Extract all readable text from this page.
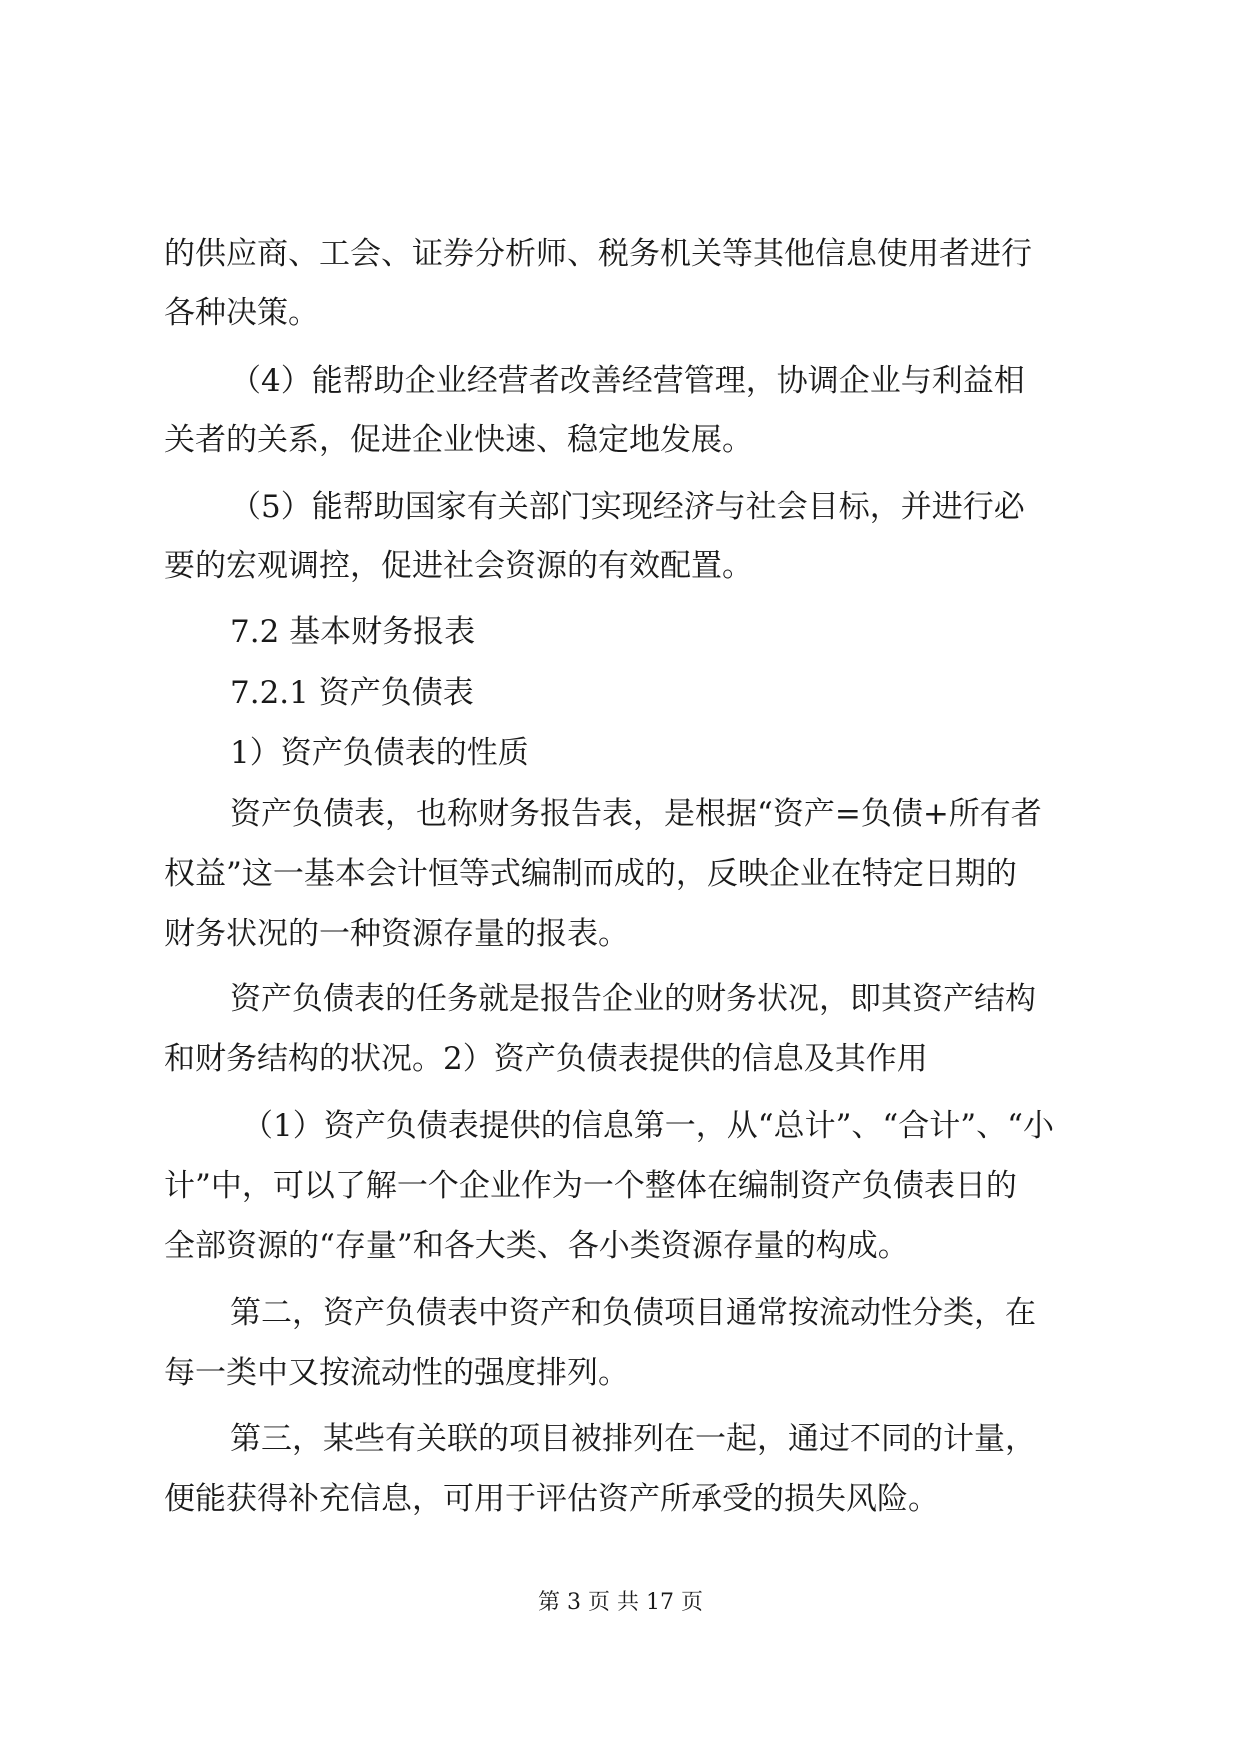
的供应商、工会、证券分析师、税务机关等其他信息使用者进行
各种决策。
（4）能帮助企业经营者改善经营管理，协调企业与利益相
关者的关系，促进企业快速、稳定地发展。
（5）能帮助国家有关部门实现经济与社会目标，并进行必
要的宏观调控，促进社会资源的有效配置。
7.2 基本财务报表
7.2.1 资产负债表
1）资产负债表的性质
资产负债表，也称财务报告表，是根据“资产=负债+所有者
权益”这一基本会计恒等式编制而成的，反映企业在特定日期的
财务状况的一种资源存量的报表。
资产负债表的任务就是报告企业的财务状况，即其资产结构
和财务结构的状况。2）资产负债表提供的信息及其作用
（1）资产负债表提供的信息第一，从“总计”、“合计”、“小
计”中，可以了解一个企业作为一个整体在编制资产负债表日的
全部资源的“存量”和各大类、各小类资源存量的构成。
第二，资产负债表中资产和负债项目通常按流动性分类，在
每一类中又按流动性的强度排列。
第三，某些有关联的项目被排列在一起，通过不同的计量，
便能获得补充信息，可用于评估资产所承受的损失风险。
第 3 页 共 17 页
